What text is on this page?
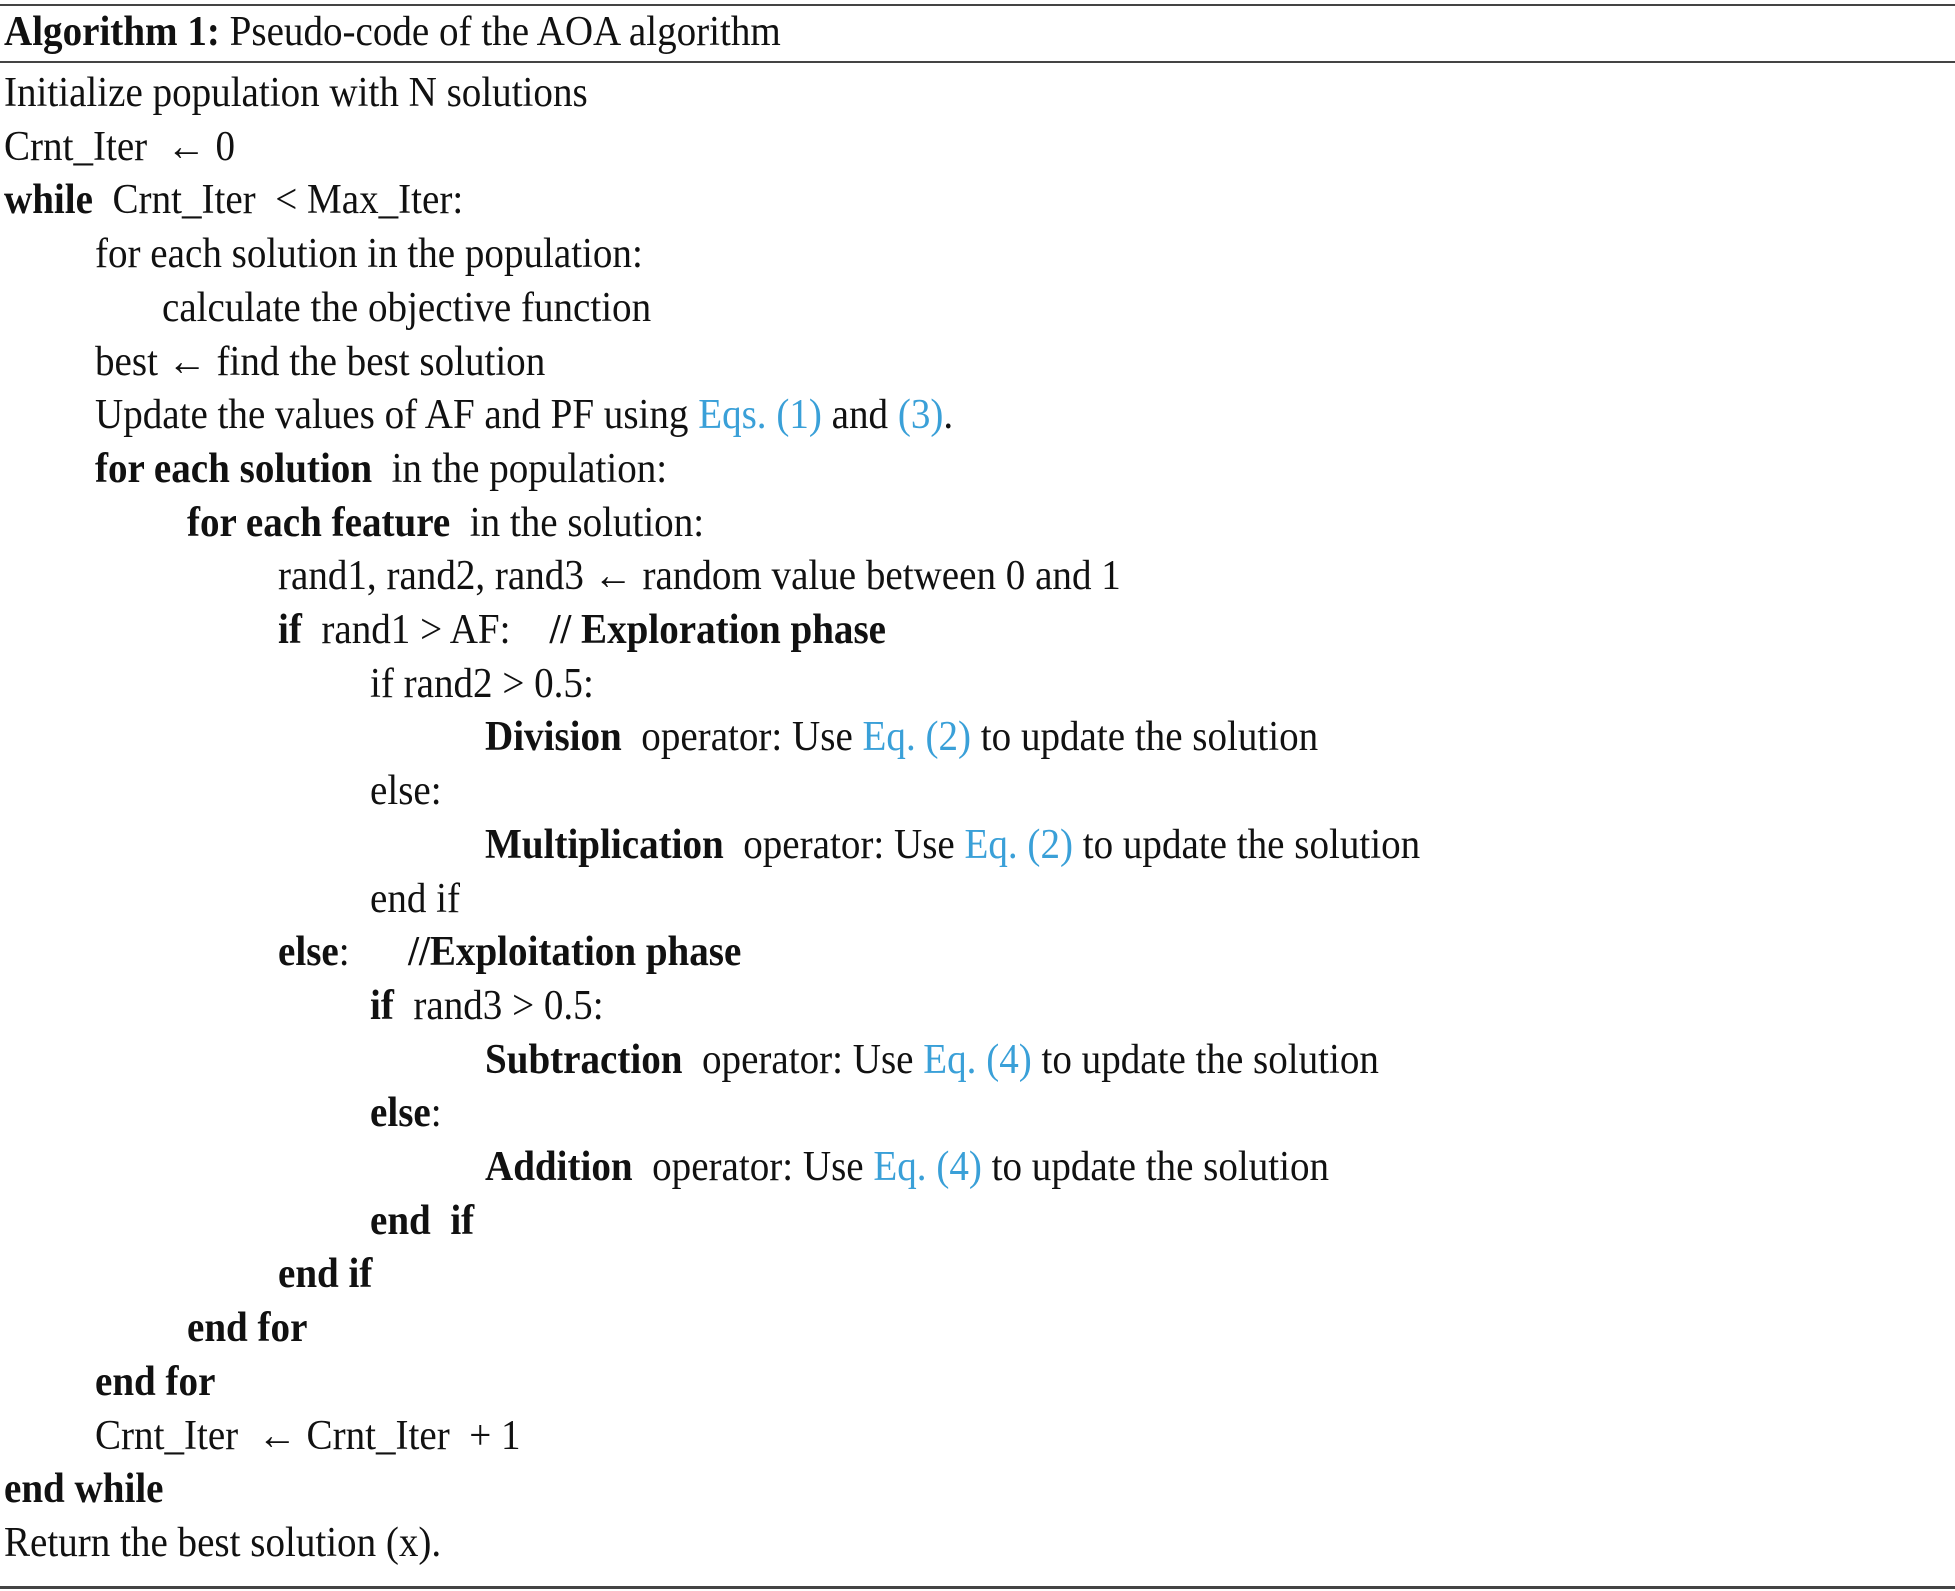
Algorithm 1: Pseudo-code of the AOA algorithm
Initialize population with N solutions
Crnt_Iter  ← 0
while  Crnt_Iter  < Max_Iter:
for each solution in the population:
calculate the objective function
best ← find the best solution
Update the values of AF and PF using Eqs. (1) and (3).
for each solution  in the population:
for each feature  in the solution:
rand1, rand2, rand3 ← random value between 0 and 1
if  rand1 > AF:    // Exploration phase
if rand2 > 0.5:
Division  operator: Use Eq. (2) to update the solution
else:
Multiplication  operator: Use Eq. (2) to update the solution
end if
else:      //Exploitation phase
if  rand3 > 0.5:
Subtraction  operator: Use Eq. (4) to update the solution
else:
Addition  operator: Use Eq. (4) to update the solution
end  if
end if
end for
end for
Crnt_Iter  ← Crnt_Iter  + 1
end while
Return the best solution (x).
